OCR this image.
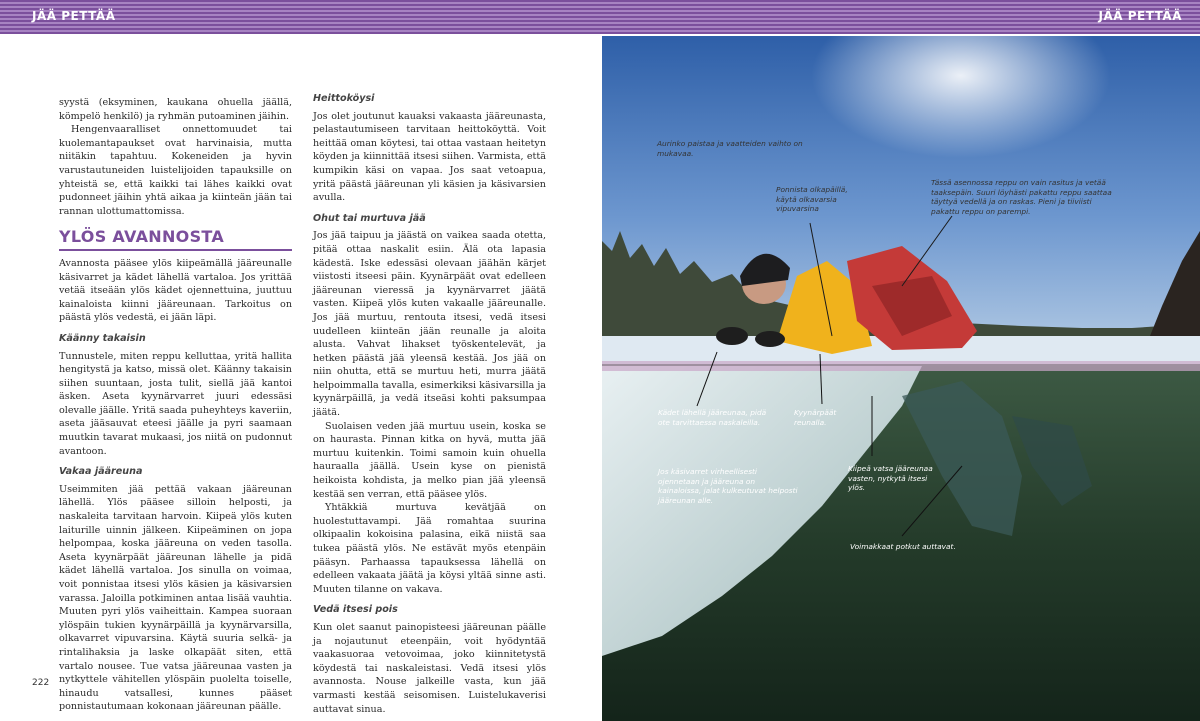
JÄÄ PETTÄÄ	JÄÄ PETTÄÄ

syystä (eksyminen, kaukana ohuella jäällä, kömpelö henkilö) ja ryhmän putoaminen jäihin.

Hengenvaaralliset onnettomuudet tai kuolemantapaukset ovat harvinaisia, mutta niitäkin tapahtuu. Kokeneiden ja hyvin varustautuneiden luistelijoiden tapauksille on yhteistä se, että kaikki tai lähes kaikki ovat pudonneet jäihin yhtä aikaa ja kiinteän jään tai rannan ulottumattomissa.

YLÖS AVANNOSTA

Avannosta pääsee ylös kiipeämällä jääreunalle käsivarret ja kädet lähellä vartaloa. Jos yrittää vetää itseään ylös kädet ojennettuina, juuttuu kainaloista kiinni jääreunaan. Tarkoitus on päästä ylös vedestä, ei jään läpi.

Käänny takaisin

Tunnustele, miten reppu kelluttaa, yritä hallita hengitystä ja katso, missä olet. Käänny takaisin siihen suuntaan, josta tulit, siellä jää kantoi äsken. Aseta kyynärvarret juuri edessäsi olevalle jäälle. Yritä saada puheyhteys kaveriin, aseta jääsauvat eteesi jäälle ja pyri saamaan muutkin tavarat mukaasi, jos niitä on pudonnut avantoon.

Vakaa jääreuna

Useimmiten jää pettää vakaan jääreunan lähellä. Ylös pääsee silloin helposti, ja naskaleita tarvitaan harvoin. Kiipeä ylös kuten laiturille uinnin jälkeen. Kiipeäminen on jopa helpompaa, koska jääreuna on veden tasolla. Aseta kyynärpäät jääreunan lähelle ja pidä kädet lähellä vartaloa. Jos sinulla on voimaa, voit ponnistaa itsesi ylös käsien ja käsivarsien varassa. Jaloilla potkiminen antaa lisää vauhtia. Muuten pyri ylös vaiheittain. Kampea suoraan ylöspäin tukien kyynärpäillä ja kyynärvarsilla, olkavarret vipuvarsina. Käytä suuria selkä- ja rintalihaksia ja laske olkapäät siten, että vartalo nousee. Tue vatsa jääreunaa vasten ja nytkyttele vähitellen ylöspäin puolelta toiselle, hinaudu vatsallesi, kunnes pääset ponnistautumaan kokonaan jääreunan päälle.

Heittoköysi

Jos olet joutunut kauaksi vakaasta jääreunasta, pelastautumiseen tarvitaan heittoköyttä. Voit heittää oman köytesi, tai ottaa vastaan heitetyn köyden ja kiinnittää itsesi siihen. Varmista, että kumpikin käsi on vapaa. Jos saat vetoapua, yritä päästä jääreunan yli käsien ja käsivarsien avulla.

Ohut tai murtuva jää

Jos jää taipuu ja jäästä on vaikea saada otetta, pitää ottaa naskalit esiin. Älä ota lapasia kädestä. Iske edessäsi olevaan jäähän kärjet viistosti itseesi päin. Kyynärpäät ovat edelleen jääreunan vieressä ja kyynärvarret jäätä vasten. Kiipeä ylös kuten vakaalle jääreunalle. Jos jää murtuu, rentouta itsesi, vedä itsesi uudelleen kiinteän jään reunalle ja aloita alusta. Vahvat lihakset työskentelevät, ja hetken päästä jää yleensä kestää. Jos jää on niin ohutta, että se murtuu heti, murra jäätä helpoimmalla tavalla, esimerkiksi käsivarsilla ja kyynärpäillä, ja vedä itseäsi kohti paksumpaa jäätä.

Suolaisen veden jää murtuu usein, koska se on haurasta. Pinnan kitka on hyvä, mutta jää murtuu kuitenkin. Toimi samoin kuin ohuella hauraalla jäällä. Usein kyse on pienistä heikoista kohdista, ja melko pian jää yleensä kestää sen verran, että pääsee ylös.

Yhtäkkiä murtuva kevätjää on huolestuttavampi. Jää romahtaa suurina olkipaalin kokoisina palasina, eikä niistä saa tukea päästä ylös. Ne estävät myös etenpäin pääsyn. Parhaassa tapauksessa lähellä on edelleen vakaata jäätä ja köysi yltää sinne asti. Muuten tilanne on vakava.

Vedä itsesi pois

Kun olet saanut painopisteesi jääreunan päälle ja nojautunut eteenpäin, voit hyödyntää vaakasuoraa vetovoimaa, joko kiinnitetystä köydestä tai naskaleistasi. Vedä itsesi ylös avannosta. Nouse jalkeille vasta, kun jää varmasti kestää seisomisen. Luistelukaverisi auttavat sinua.

222
Aurinko paistaa ja vaatteiden vaihto on mukavaa.
Ponnista olkapäillä, käytä olkavarsia vipuvarsina
Tässä asennossa reppu on vain rasitus ja vetää taaksepäin. Suuri löyhästi pakattu reppu saattaa täyttyä vedellä ja on raskas. Pieni ja tiiviisti pakattu reppu on parempi.
Kädet lähellä jääreunaa, pidä ote tarvittaessa naskaleilla.
Kyynärpäät reunalla.
Jos käsivarret virheellisesti ojennetaan ja jääreuna on kainaloissa, jalat kulkeutuvat helposti jääreunan alle.
Kiipeä vatsa jääreunaa vasten, nytkytä itsesi ylös.
Voimakkaat potkut auttavat.
